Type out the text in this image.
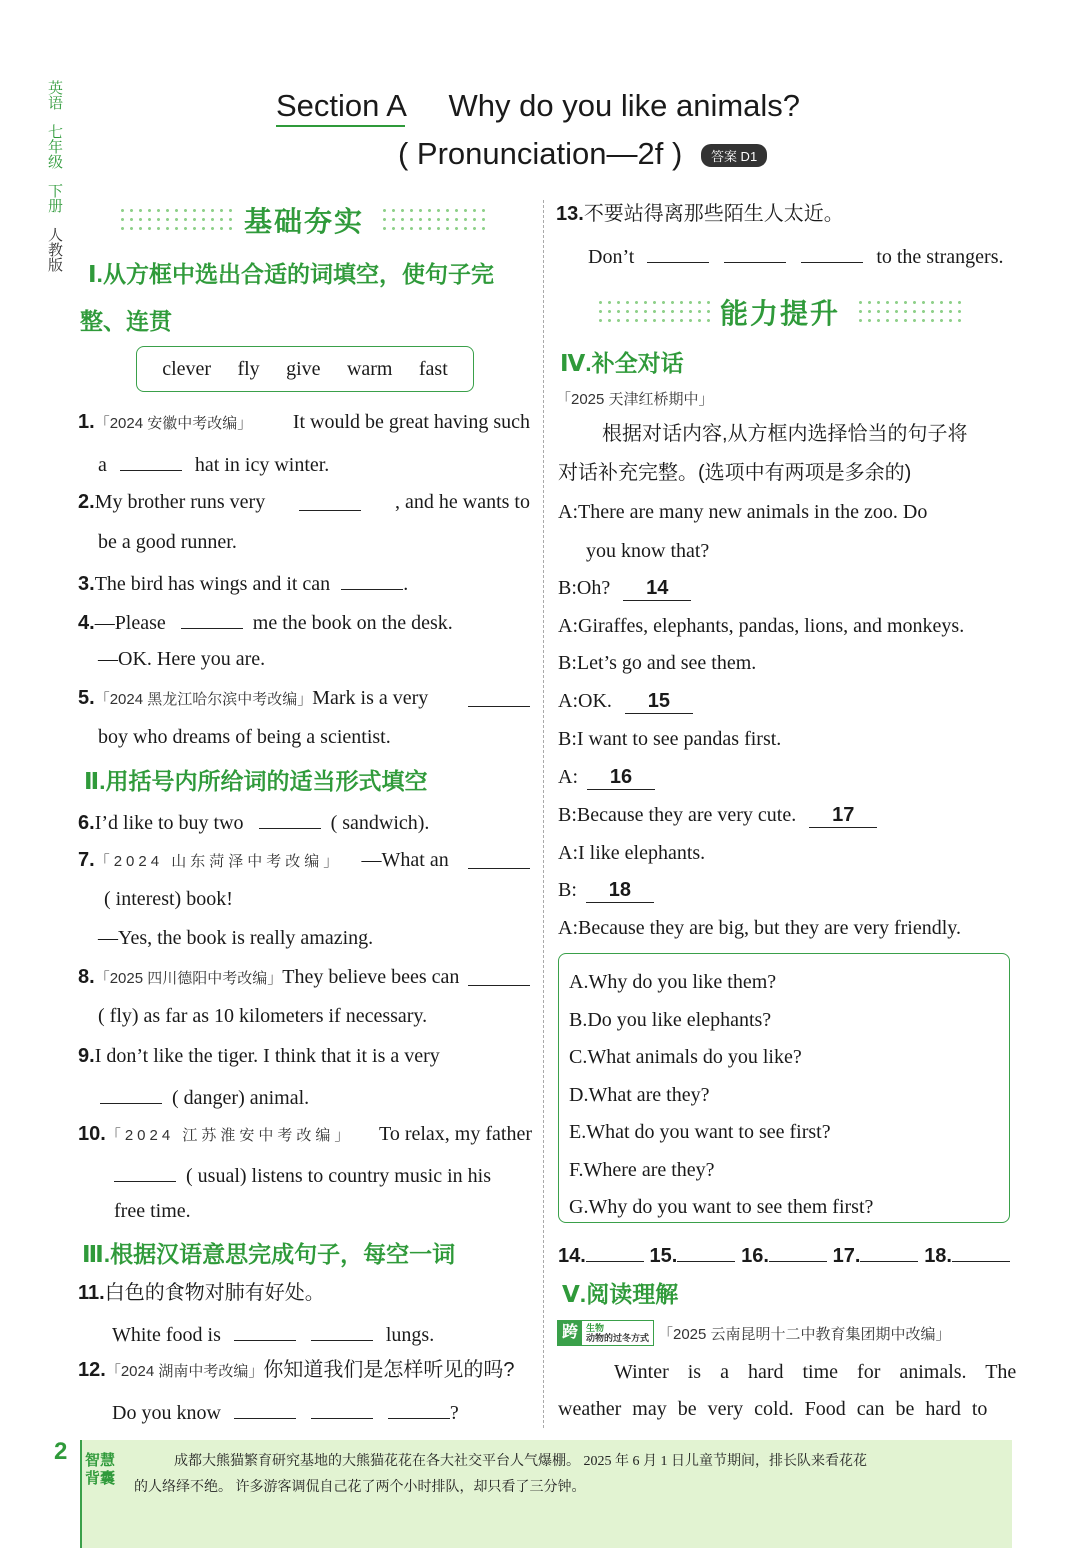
英语
七年级
下册
人教版
Section A Why do you like animals?
( Pronunciation—2f ) 答案 D1
基础夯实
Ⅰ.从方框中选出合适的词填空，使句子完
整、连贯
clever fly give warm fast
1.「2024 安徽中考改编」 It would be great having such
a	hat in icy winter.
2.My brother runs very	, and he wants to
be a good runner.
3.The bird has wings and it can	.
4.—Please	me the book on the desk.
—OK. Here you are.
5.「2024 黑龙江哈尔滨中考改编」Mark is a very
boy who dreams of being a scientist.
Ⅱ.用括号内所给词的适当形式填空
6.I’d like to buy two	( sandwich).
7.「2024 山东菏泽中考改编」 —What an
( interest) book!
—Yes, the book is really amazing.
8.「2025 四川德阳中考改编」They believe bees can
( fly) as far as 10 kilometers if necessary.
9.I don’t like the tiger. I think that it is a very
( danger) animal.
10.「2024 江苏淮安中考改编」 To relax, my father
( usual) listens to country music in his
free time.
Ⅲ.根据汉语意思完成句子，每空一词
11.白色的食物对肺有好处。
White food is	lungs.
12.「2024 湖南中考改编」你知道我们是怎样听见的吗?
Do you know	?
13.不要站得离那些陌生人太近。
Don’t	to the strangers.
能力提升
Ⅳ.补全对话
「2025 天津红桥期中」
根据对话内容,从方框内选择恰当的句子将
对话补充完整。(选项中有两项是多余的)
A:There are many new animals in the zoo. Do
you know that?
B:Oh? 14
A:Giraffes, elephants, pandas, lions, and monkeys.
B:Let’s go and see them.
A:OK. 15
B:I want to see pandas first.
A: 16
B:Because they are very cute. 17
A:I like elephants.
B: 18
A:Because they are big, but they are very friendly.
A.Why do you like them?
B.Do you like elephants?
C.What animals do you like?
D.What are they?
E.What do you want to see first?
F.Where are they?
G.Why do you want to see them first?
14.	15.	16.	17.	18.
Ⅴ.阅读理解
跨 生物
动物的过冬方式 「2025 云南昆明十二中教育集团期中改编」
Winter is a hard time for animals. The
weather may be very cold. Food can be hard to
2 智慧
背囊
成都大熊猫繁育研究基地的大熊猫花花在各大社交平台人气爆棚。 2025 年 6 月 1 日儿童节期间，排长队来看花花
的人络绎不绝。 许多游客调侃自己花了两个小时排队，却只看了三分钟。
